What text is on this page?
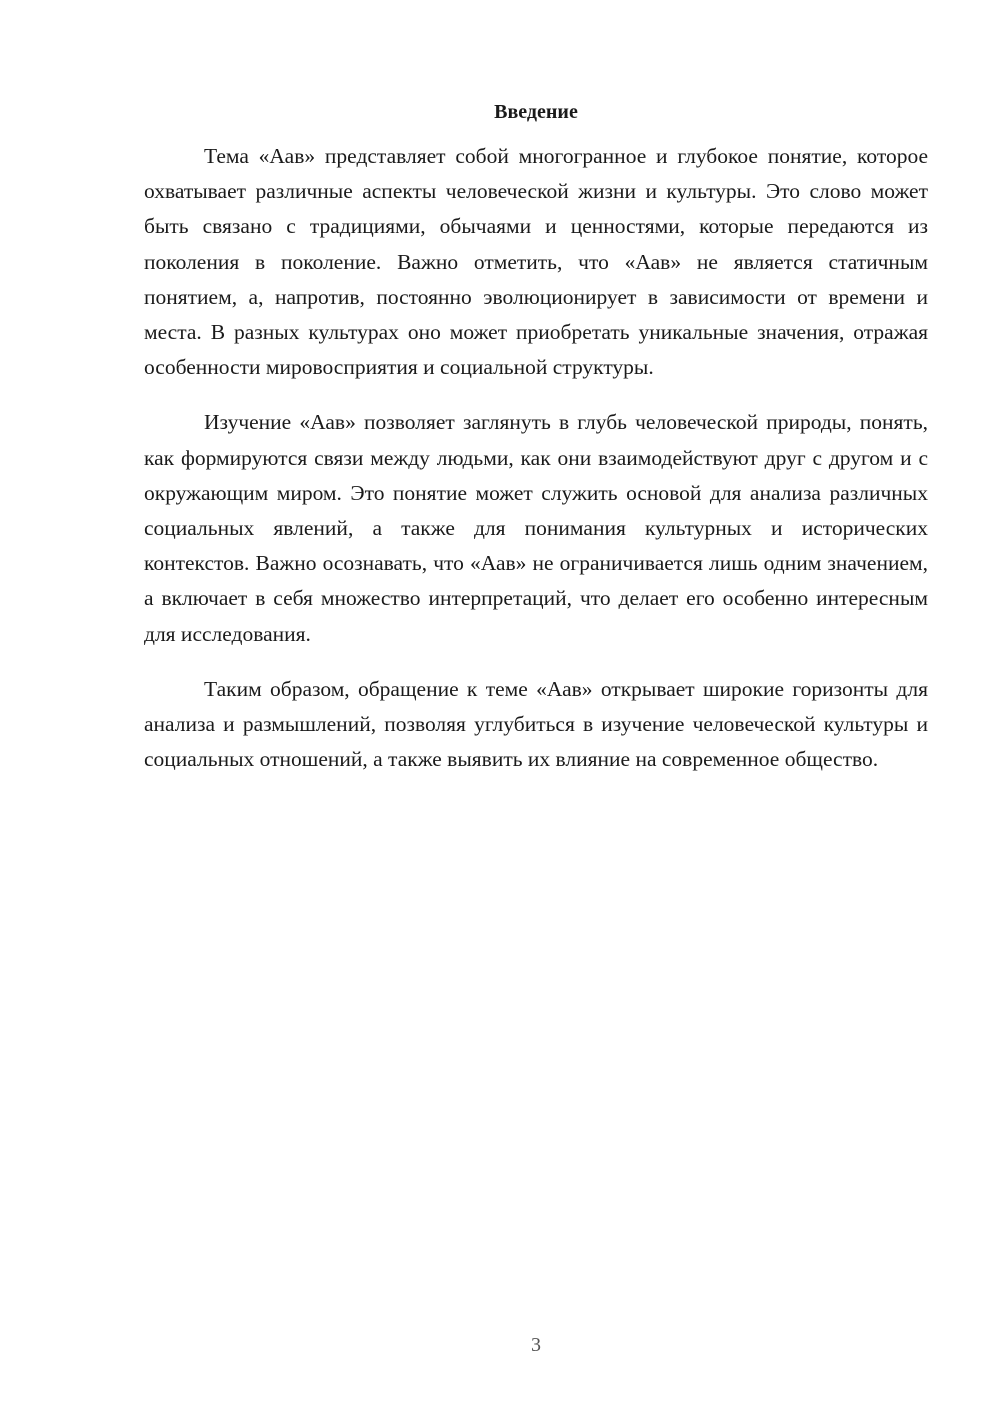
Введение

Тема «Аав» представляет собой многогранное и глубокое понятие, которое охватывает различные аспекты человеческой жизни и культуры. Это слово может быть связано с традициями, обычаями и ценностями, которые передаются из поколения в поколение. Важно отметить, что «Аав» не является статичным понятием, а, напротив, постоянно эволюционирует в зависимости от времени и места. В разных культурах оно может приобретать уникальные значения, отражая особенности мировосприятия и социальной структуры.

Изучение «Аав» позволяет заглянуть в глубь человеческой природы, понять, как формируются связи между людьми, как они взаимодействуют друг с другом и с окружающим миром. Это понятие может служить основой для анализа различных социальных явлений, а также для понимания культурных и исторических контекстов. Важно осознавать, что «Аав» не ограничивается лишь одним значением, а включает в себя множество интерпретаций, что делает его особенно интересным для исследования.

Таким образом, обращение к теме «Аав» открывает широкие горизонты для анализа и размышлений, позволяя углубиться в изучение человеческой культуры и социальных отношений, а также выявить их влияние на современное общество.

3
